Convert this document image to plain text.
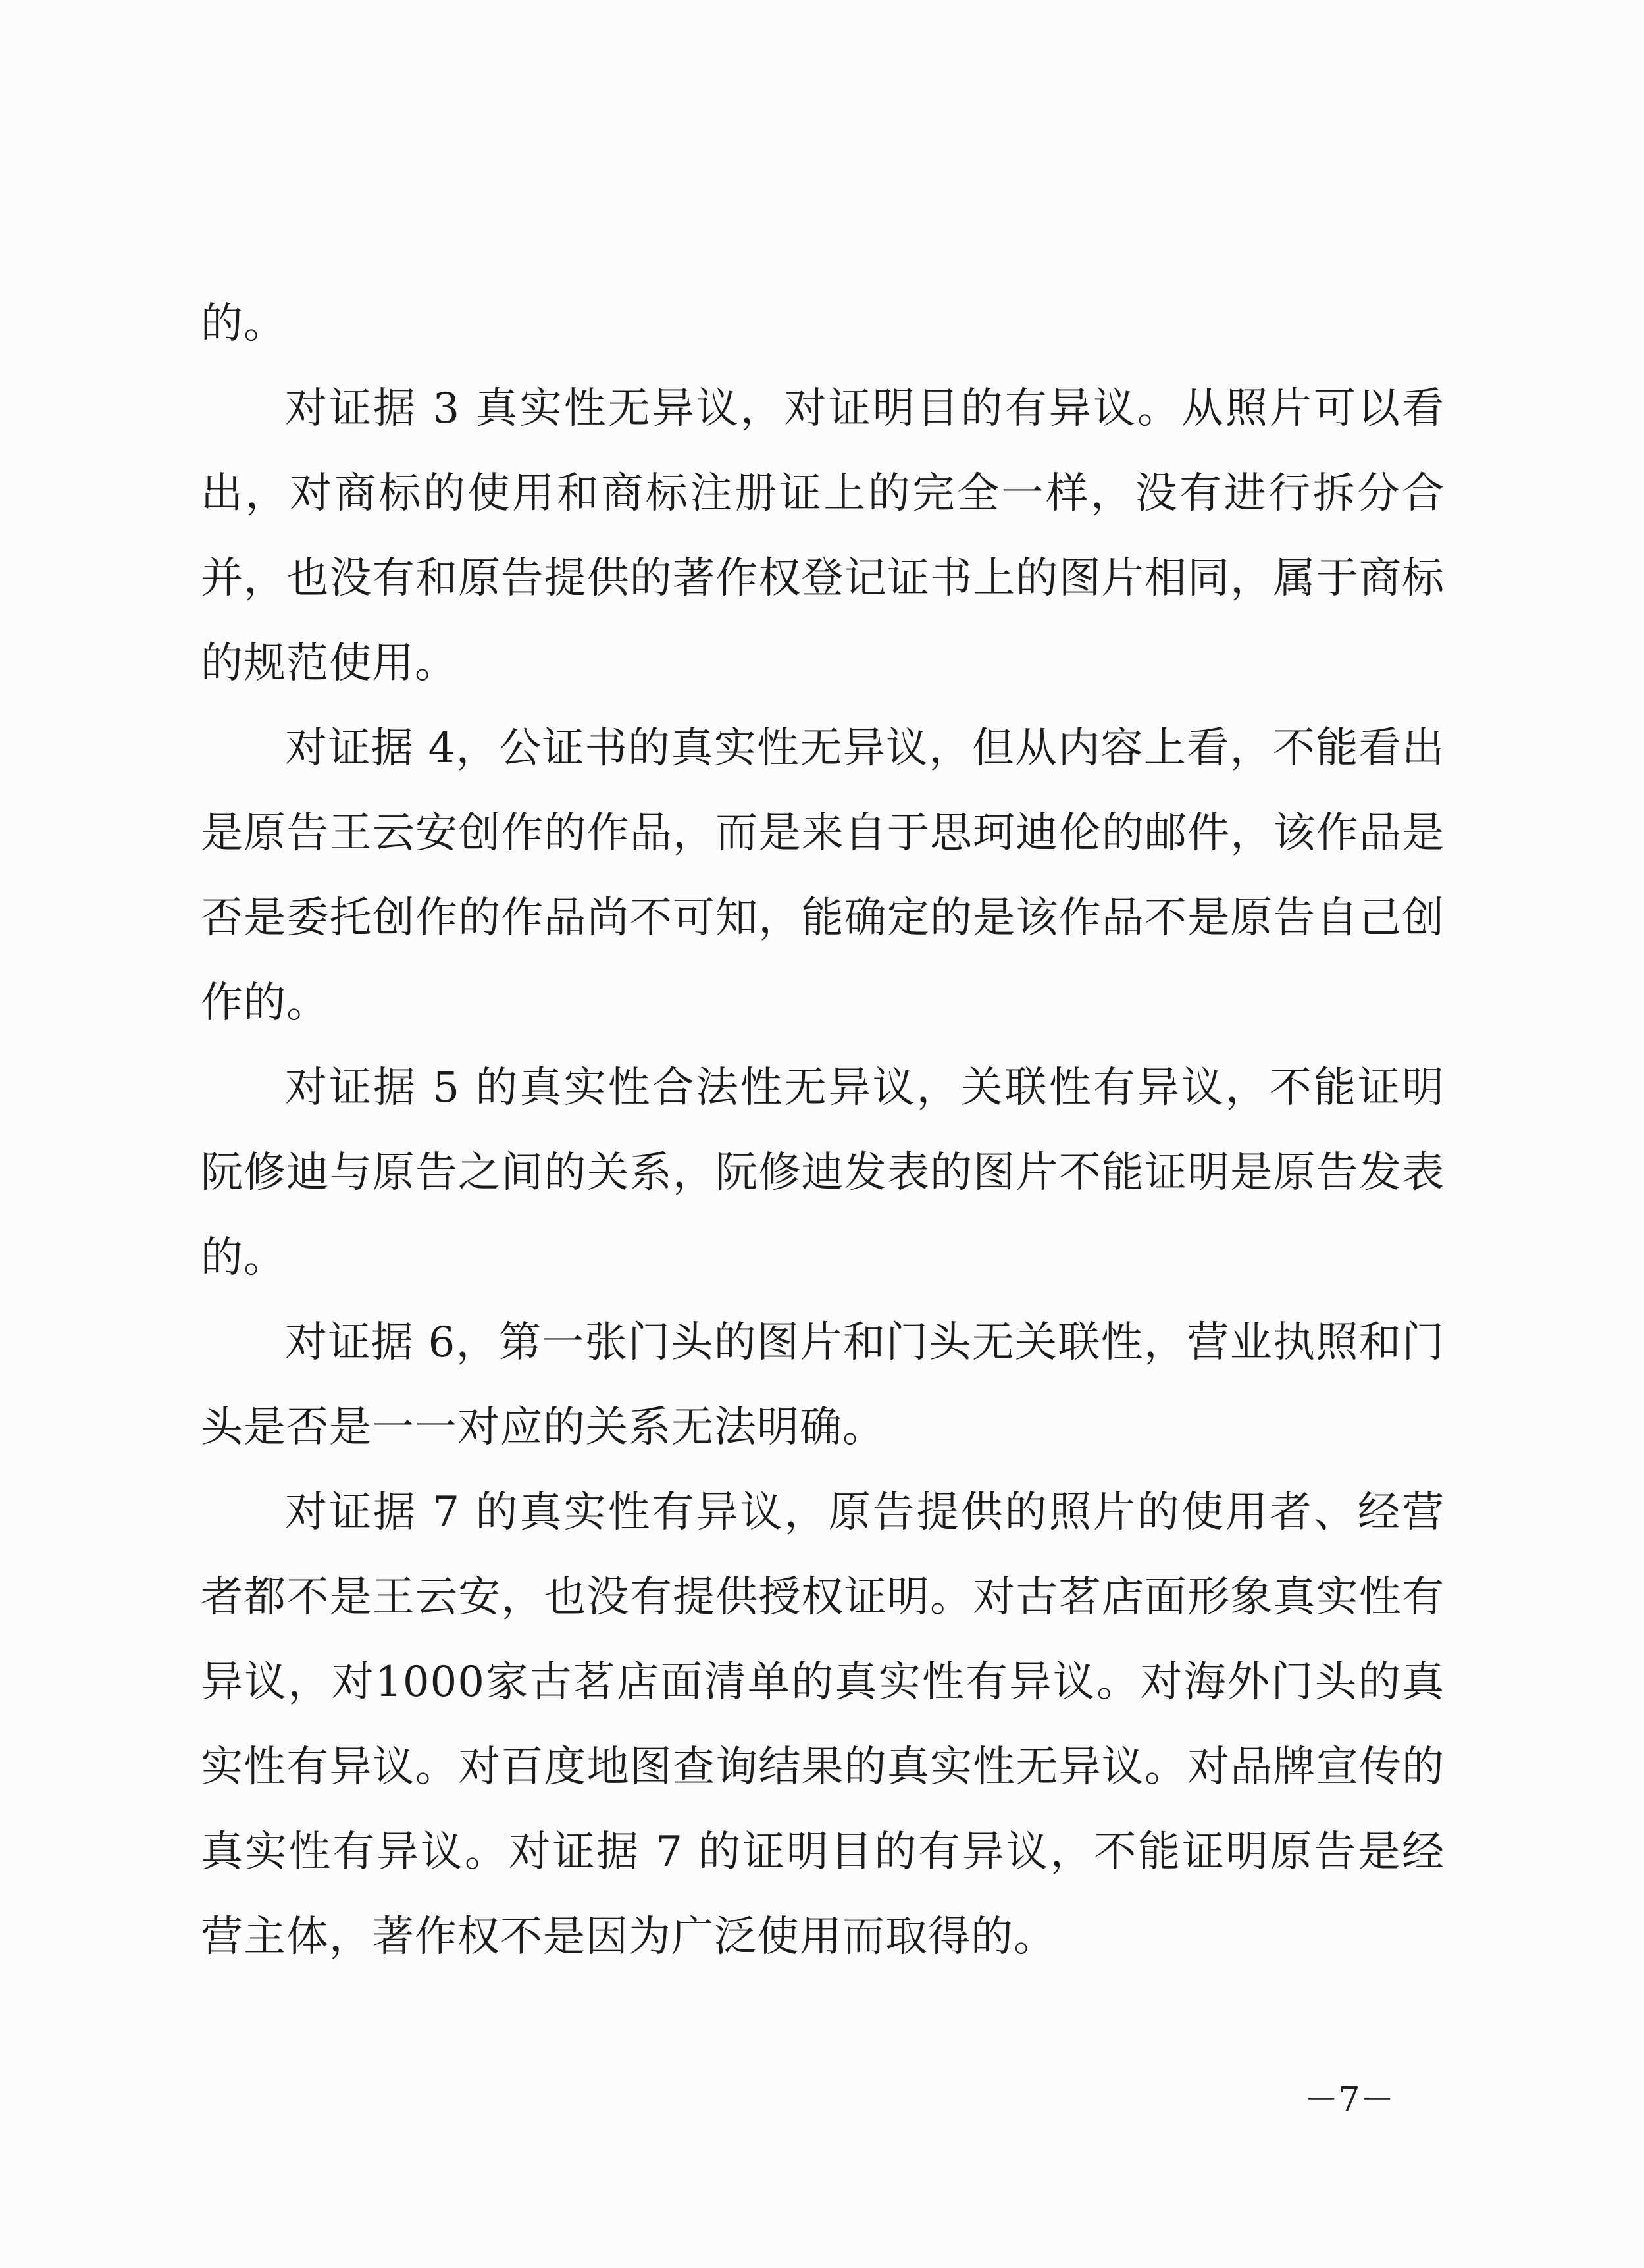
的。

对证据 3 真实性无异议，对证明目的有异议。从照片可以看出，对商标的使用和商标注册证上的完全一样，没有进行拆分合并，也没有和原告提供的著作权登记证书上的图片相同，属于商标的规范使用。

对证据 4，公证书的真实性无异议，但从内容上看，不能看出是原告王云安创作的作品，而是来自于思珂迪伦的邮件，该作品是否是委托创作的作品尚不可知，能确定的是该作品不是原告自己创作的。

对证据 5 的真实性合法性无异议，关联性有异议，不能证明阮修迪与原告之间的关系，阮修迪发表的图片不能证明是原告发表的。

对证据 6，第一张门头的图片和门头无关联性，营业执照和门头是否是一一对应的关系无法明确。

对证据 7 的真实性有异议，原告提供的照片的使用者、经营者都不是王云安，也没有提供授权证明。对古茗店面形象真实性有异议，对1000家古茗店面清单的真实性有异议。对海外门头的真实性有异议。对百度地图查询结果的真实性无异议。对品牌宣传的真实性有异议。对证据 7 的证明目的有异议，不能证明原告是经营主体，著作权不是因为广泛使用而取得的。

－7－
